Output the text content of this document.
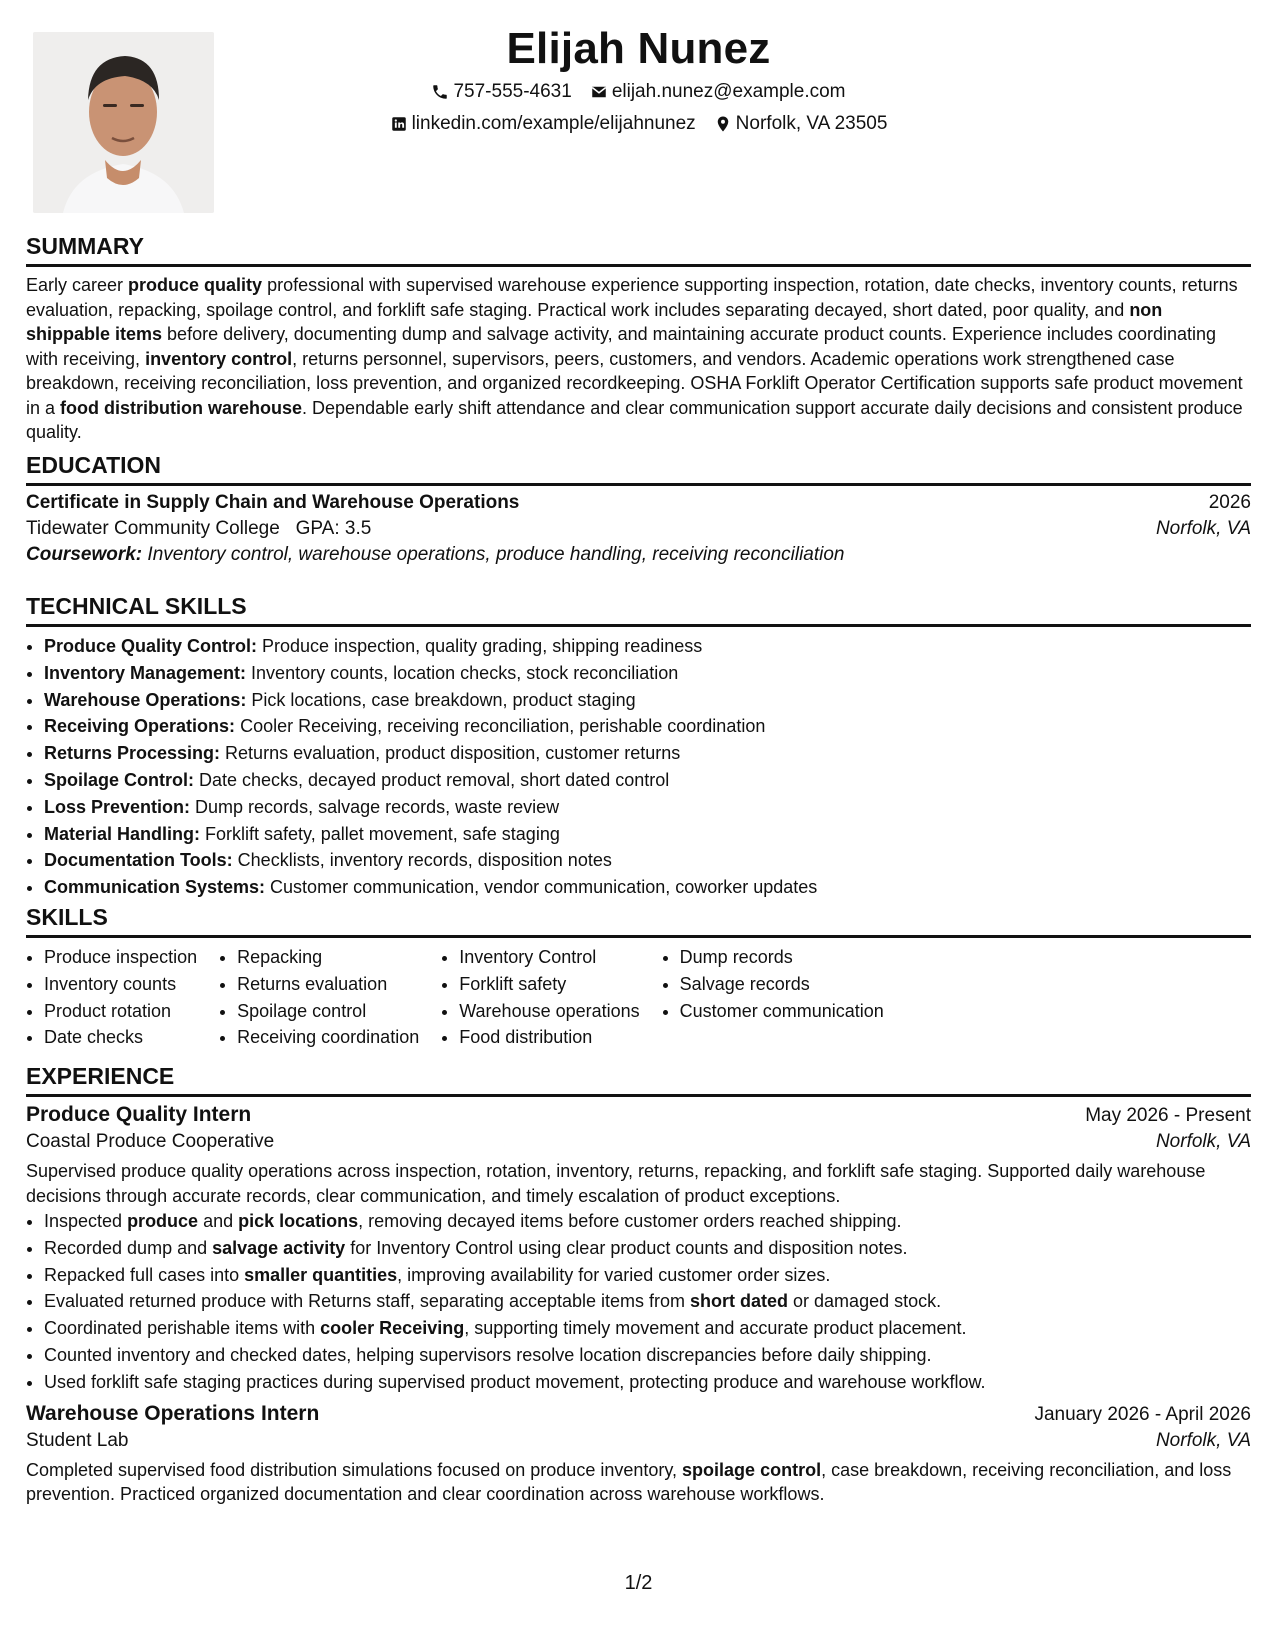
Elijah Nunez
757-555-4631 elijah.nunez@example.com
linkedin.com/example/elijahnunez Norfolk, VA 23505
SUMMARY

Early career produce quality professional with supervised warehouse experience supporting inspection, rotation, date checks, inventory counts, returns evaluation, repacking, spoilage control, and forklift safe staging. Practical work includes separating decayed, short dated, poor quality, and non shippable items before delivery, documenting dump and salvage activity, and maintaining accurate product counts. Experience includes coordinating with receiving, inventory control, returns personnel, supervisors, peers, customers, and vendors. Academic operations work strengthened case breakdown, receiving reconciliation, loss prevention, and organized recordkeeping. OSHA Forklift Operator Certification supports safe product movement in a food distribution warehouse. Dependable early shift attendance and clear communication support accurate daily decisions and consistent produce quality.

EDUCATION
Certificate in Supply Chain and Warehouse Operations	2026
Tidewater Community College GPA: 3.5	Norfolk, VA
Coursework: Inventory control, warehouse operations, produce handling, receiving reconciliation
TECHNICAL SKILLS
• Produce Quality Control: Produce inspection, quality grading, shipping readiness
• Inventory Management: Inventory counts, location checks, stock reconciliation
• Warehouse Operations: Pick locations, case breakdown, product staging
• Receiving Operations: Cooler Receiving, receiving reconciliation, perishable coordination
• Returns Processing: Returns evaluation, product disposition, customer returns
• Spoilage Control: Date checks, decayed product removal, short dated control
• Loss Prevention: Dump records, salvage records, waste review
• Material Handling: Forklift safety, pallet movement, safe staging
• Documentation Tools: Checklists, inventory records, disposition notes
• Communication Systems: Customer communication, vendor communication, coworker updates
SKILLS
• Produce inspection
• Inventory counts
• Product rotation
• Date checks
• Repacking
• Returns evaluation
• Spoilage control
• Receiving coordination
• Inventory Control
• Forklift safety
• Warehouse operations
• Food distribution
• Dump records
• Salvage records
• Customer communication
EXPERIENCE
Produce Quality Intern	May 2026 - Present
Coastal Produce Cooperative	Norfolk, VA

Supervised produce quality operations across inspection, rotation, inventory, returns, repacking, and forklift safe staging. Supported daily warehouse decisions through accurate records, clear communication, and timely escalation of product exceptions.

• Inspected produce and pick locations, removing decayed items before customer orders reached shipping.
• Recorded dump and salvage activity for Inventory Control using clear product counts and disposition notes.
• Repacked full cases into smaller quantities, improving availability for varied customer order sizes.
• Evaluated returned produce with Returns staff, separating acceptable items from short dated or damaged stock.
• Coordinated perishable items with cooler Receiving, supporting timely movement and accurate product placement.
• Counted inventory and checked dates, helping supervisors resolve location discrepancies before daily shipping.
• Used forklift safe staging practices during supervised product movement, protecting produce and warehouse workflow.
Warehouse Operations Intern	January 2026 - April 2026
Student Lab	Norfolk, VA

Completed supervised food distribution simulations focused on produce inventory, spoilage control, case breakdown, receiving reconciliation, and loss prevention. Practiced organized documentation and clear coordination across warehouse workflows.

1/2
